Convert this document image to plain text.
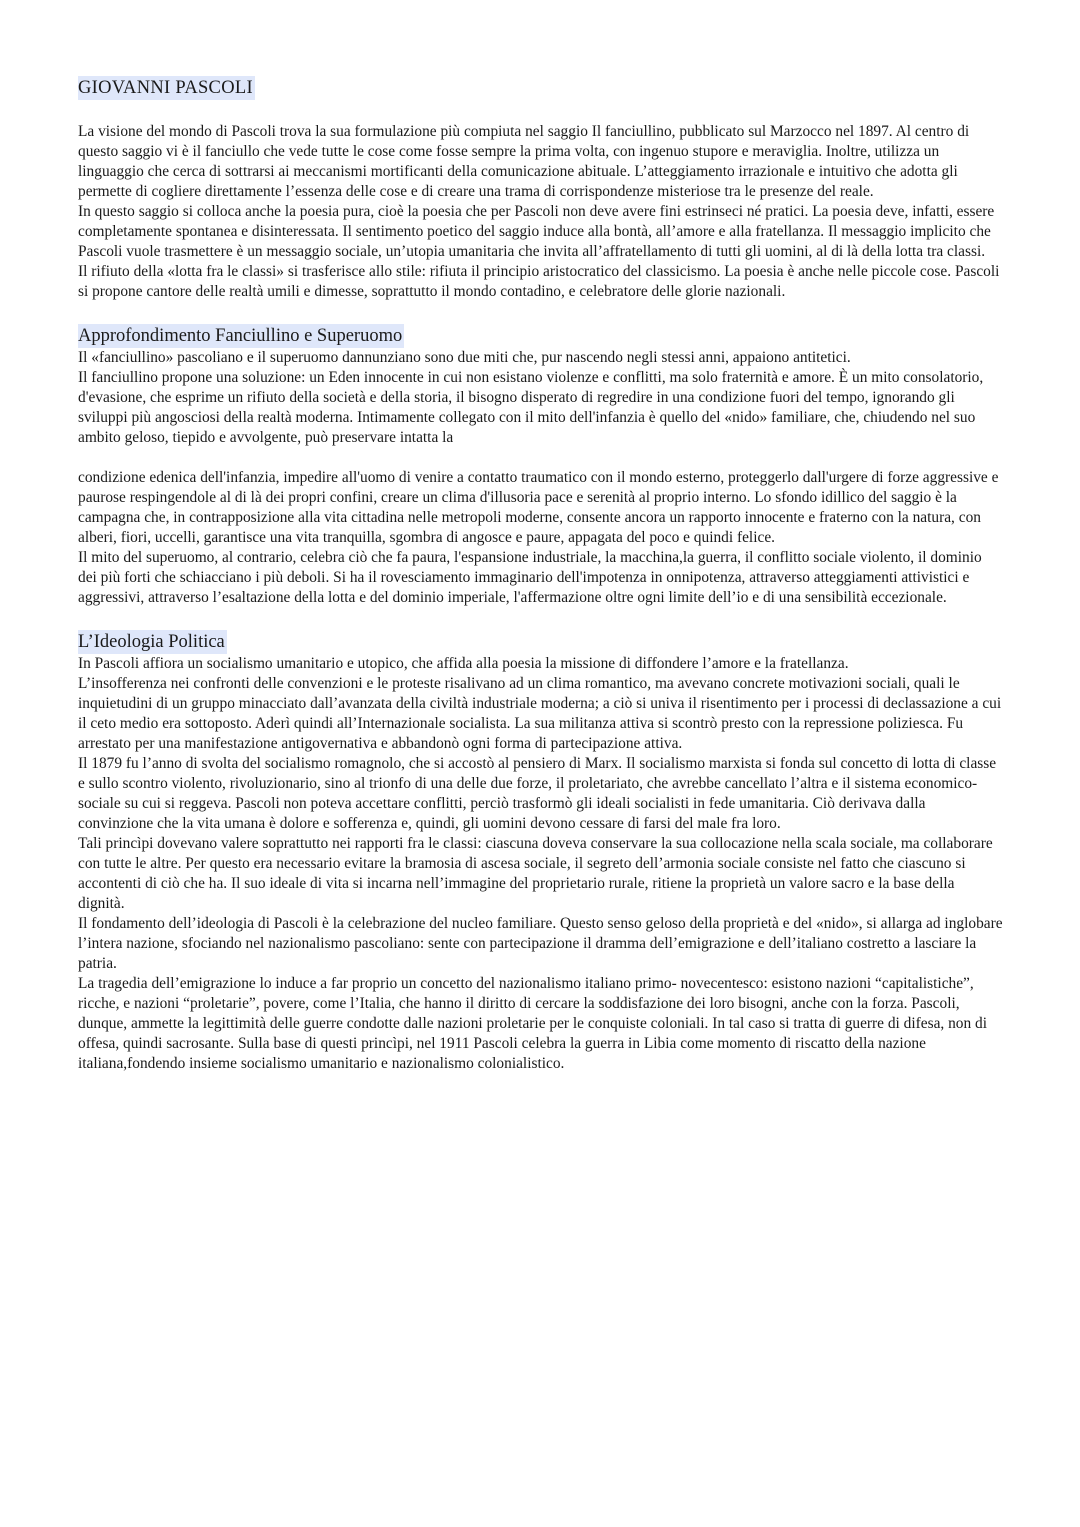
GIOVANNI PASCOLI

La visione del mondo di Pascoli trova la sua formulazione più compiuta nel saggio Il fanciullino, pubblicato sul Marzocco nel 1897. Al centro di questo saggio vi è il fanciullo che vede tutte le cose come fosse sempre la prima volta, con ingenuo stupore e meraviglia. Inoltre, utilizza un linguaggio che cerca di sottrarsi ai meccanismi mortificanti della comunicazione abituale. L’atteggiamento irrazionale e intuitivo che adotta gli permette di cogliere direttamente l’essenza delle cose e di creare una trama di corrispondenze misteriose tra le presenze del reale.

In questo saggio si colloca anche la poesia pura, cioè la poesia che per Pascoli non deve avere fini estrinseci né pratici. La poesia deve, infatti, essere completamente spontanea e disinteressata. Il sentimento poetico del saggio induce alla bontà, all’amore e alla fratellanza. Il messaggio implicito che Pascoli vuole trasmettere è un messaggio sociale, un’utopia umanitaria che invita all’affratellamento di tutti gli uomini, al di là della lotta tra classi.

Il rifiuto della «lotta fra le classi» si trasferisce allo stile: rifiuta il principio aristocratico del classicismo. La poesia è anche nelle piccole cose. Pascoli si propone cantore delle realtà umili e dimesse, soprattutto il mondo contadino, e celebratore delle glorie nazionali.

Approfondimento Fanciullino e Superuomo

Il «fanciullino» pascoliano e il superuomo dannunziano sono due miti che, pur nascendo negli stessi anni, appaiono antitetici.

Il fanciullino propone una soluzione: un Eden innocente in cui non esistano violenze e conflitti, ma solo fraternità e amore. È un mito consolatorio, d'evasione, che esprime un rifiuto della società e della storia, il bisogno disperato di regredire in una condizione fuori del tempo, ignorando gli sviluppi più angosciosi della realtà moderna. Intimamente collegato con il mito dell'infanzia è quello del «nido» familiare, che, chiudendo nel suo ambito geloso, tiepido e avvolgente, può preservare intatta la

condizione edenica dell'infanzia, impedire all'uomo di venire a contatto traumatico con il mondo esterno, proteggerlo dall'urgere di forze aggressive e paurose respingendole al di là dei propri confini, creare un clima d'illusoria pace e serenità al proprio interno. Lo sfondo idillico del saggio è la campagna che, in contrapposizione alla vita cittadina nelle metropoli moderne, consente ancora un rapporto innocente e fraterno con la natura, con alberi, fiori, uccelli, garantisce una vita tranquilla, sgombra di angosce e paure, appagata del poco e quindi felice.

Il mito del superuomo, al contrario, celebra ciò che fa paura, l'espansione industriale, la macchina,la guerra, il conflitto sociale violento, il dominio dei più forti che schiacciano i più deboli. Si ha il rovesciamento immaginario dell'impotenza in onnipotenza, attraverso atteggiamenti attivistici e aggressivi, attraverso l’esaltazione della lotta e del dominio imperiale, l'affermazione oltre ogni limite dell’io e di una sensibilità eccezionale.

L’Ideologia Politica

In Pascoli affiora un socialismo umanitario e utopico, che affida alla poesia la missione di diffondere l’amore e la fratellanza.

L’insofferenza nei confronti delle convenzioni e le proteste risalivano ad un clima romantico, ma avevano concrete motivazioni sociali, quali le inquietudini di un gruppo minacciato dall’avanzata della civiltà industriale moderna; a ciò si univa il risentimento per i processi di declassazione a cui il ceto medio era sottoposto. Aderì quindi all’Internazionale socialista. La sua militanza attiva si scontrò presto con la repressione poliziesca. Fu arrestato per una manifestazione antigovernativa e abbandonò ogni forma di partecipazione attiva.

Il 1879 fu l’anno di svolta del socialismo romagnolo, che si accostò al pensiero di Marx. Il socialismo marxista si fonda sul concetto di lotta di classe e sullo scontro violento, rivoluzionario, sino al trionfo di una delle due forze, il proletariato, che avrebbe cancellato l’altra e il sistema economico- sociale su cui si reggeva. Pascoli non poteva accettare conflitti, perciò trasformò gli ideali socialisti in fede umanitaria. Ciò derivava dalla convinzione che la vita umana è dolore e sofferenza e, quindi, gli uomini devono cessare di farsi del male fra loro.

Tali princìpi dovevano valere soprattutto nei rapporti fra le classi: ciascuna doveva conservare la sua collocazione nella scala sociale, ma collaborare con tutte le altre. Per questo era necessario evitare la bramosia di ascesa sociale, il segreto dell’armonia sociale consiste nel fatto che ciascuno si accontenti di ciò che ha. Il suo ideale di vita si incarna nell’immagine del proprietario rurale, ritiene la proprietà un valore sacro e la base della dignità.

Il fondamento dell’ideologia di Pascoli è la celebrazione del nucleo familiare. Questo senso geloso della proprietà e del «nido», si allarga ad inglobare l’intera nazione, sfociando nel nazionalismo pascoliano: sente con partecipazione il dramma dell’emigrazione e dell’italiano costretto a lasciare la patria.

La tragedia dell’emigrazione lo induce a far proprio un concetto del nazionalismo italiano primo- novecentesco: esistono nazioni “capitalistiche”, ricche, e nazioni “proletarie”, povere, come l’Italia, che hanno il diritto di cercare la soddisfazione dei loro bisogni, anche con la forza. Pascoli, dunque, ammette la legittimità delle guerre condotte dalle nazioni proletarie per le conquiste coloniali. In tal caso si tratta di guerre di difesa, non di offesa, quindi sacrosante. Sulla base di questi princìpi, nel 1911 Pascoli celebra la guerra in Libia come momento di riscatto della nazione italiana,fondendo insieme socialismo umanitario e nazionalismo colonialistico.
